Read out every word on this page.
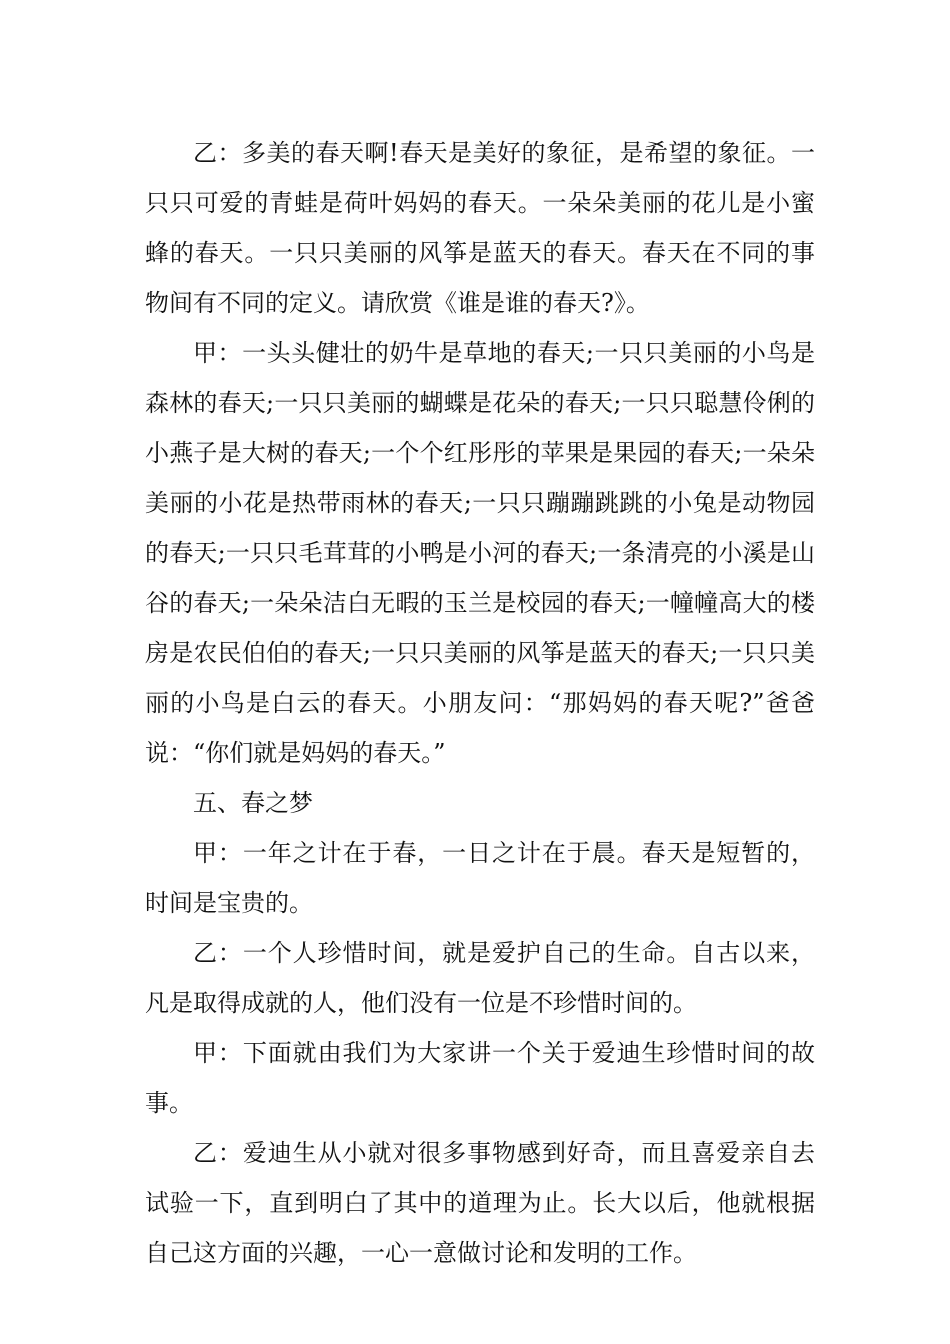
乙：多美的春天啊!春天是美好的象征，是希望的象征。一只只可爱的青蛙是荷叶妈妈的春天。一朵朵美丽的花儿是小蜜蜂的春天。一只只美丽的风筝是蓝天的春天。春天在不同的事物间有不同的定义。请欣赏《谁是谁的春天?》。

甲：一头头健壮的奶牛是草地的春天;一只只美丽的小鸟是森林的春天;一只只美丽的蝴蝶是花朵的春天;一只只聪慧伶俐的小燕子是大树的春天;一个个红彤彤的苹果是果园的春天;一朵朵美丽的小花是热带雨林的春天;一只只蹦蹦跳跳的小兔是动物园的春天;一只只毛茸茸的小鸭是小河的春天;一条清亮的小溪是山谷的春天;一朵朵洁白无暇的玉兰是校园的春天;一幢幢高大的楼房是农民伯伯的春天;一只只美丽的风筝是蓝天的春天;一只只美丽的小鸟是白云的春天。小朋友问：“那妈妈的春天呢?”爸爸说：“你们就是妈妈的春天。”

五、春之梦

甲：一年之计在于春，一日之计在于晨。春天是短暂的，时间是宝贵的。

乙：一个人珍惜时间，就是爱护自己的生命。自古以来，凡是取得成就的人，他们没有一位是不珍惜时间的。

甲：下面就由我们为大家讲一个关于爱迪生珍惜时间的故事。

乙：爱迪生从小就对很多事物感到好奇，而且喜爱亲自去试验一下，直到明白了其中的道理为止。长大以后，他就根据自己这方面的兴趣，一心一意做讨论和发明的工作。
